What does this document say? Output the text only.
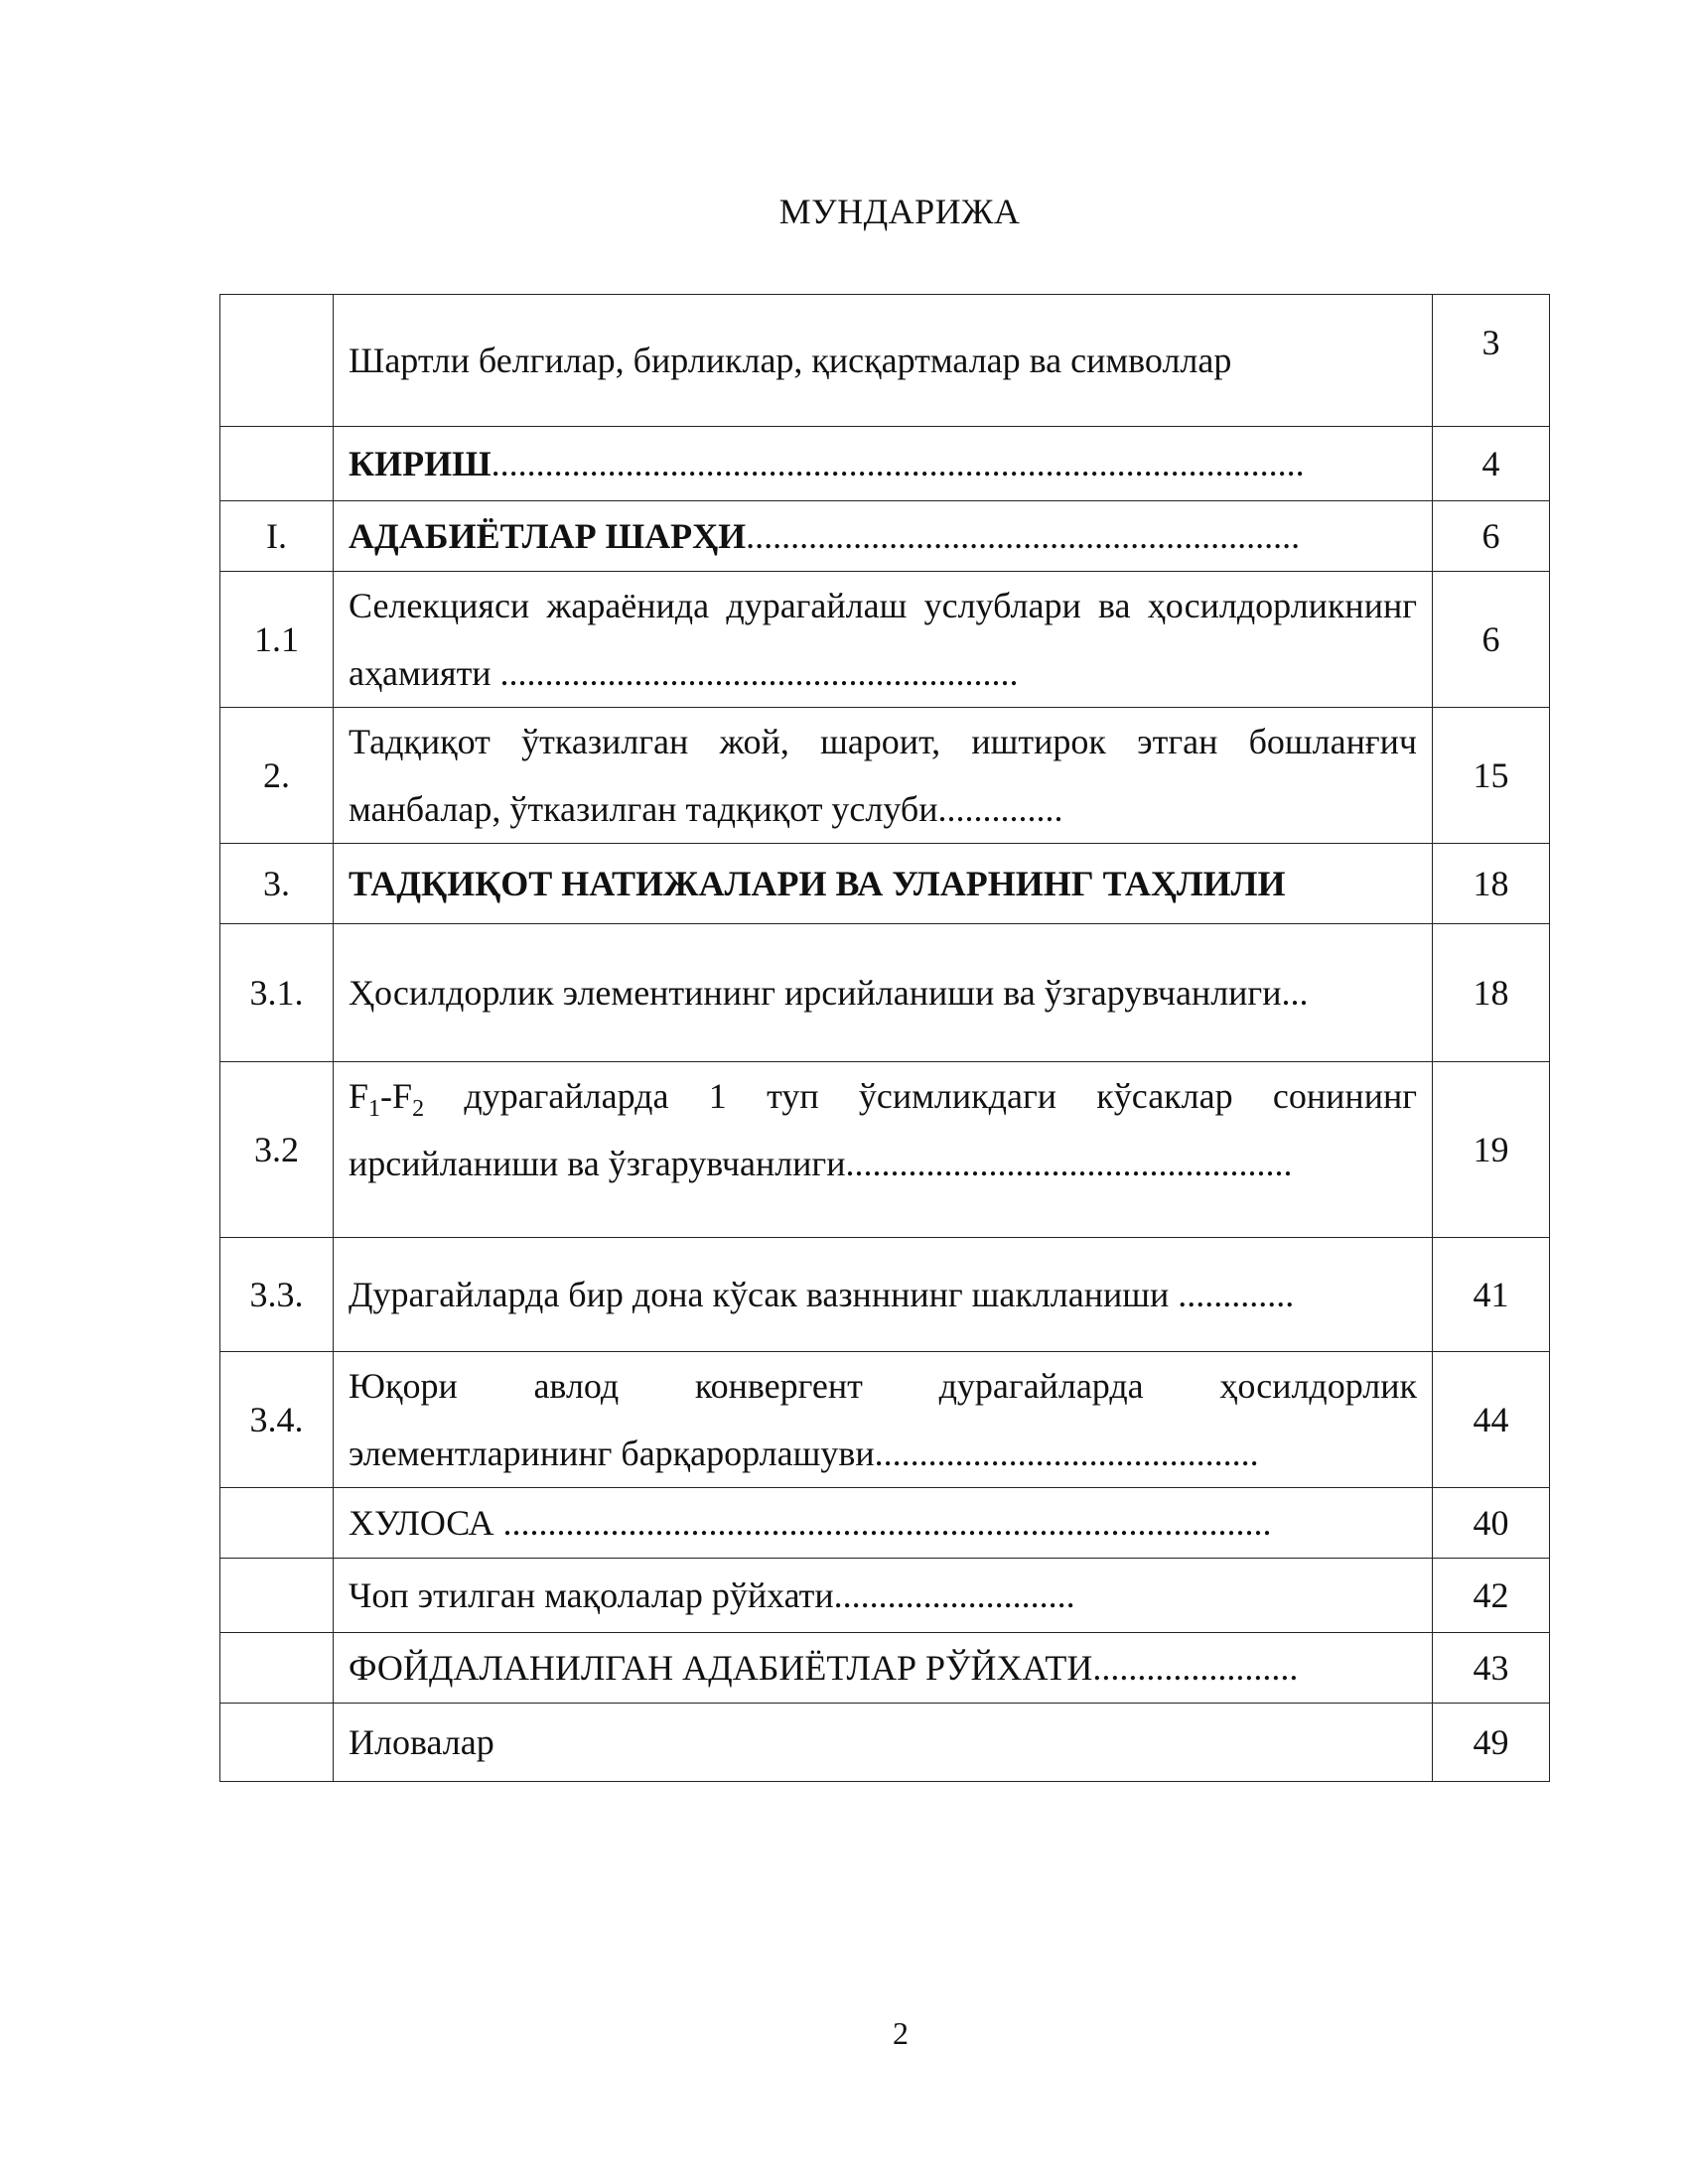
МУНДАРИЖА
	Шартли белгилар, бирликлар, қисқартмалар ва символлар	3
	КИРИШ...........................................................................................	4
I.	АДАБИЁТЛАР ШАРҲИ..............................................................	6
1.1	Селекцияси жараёнида дурагайлаш услублари ва ҳосилдорликнинг аҳамияти ..........................................................	6
2.	Тадқиқот ўтказилган жой, шароит, иштирок этган бошланғич манбалар, ўтказилган тадқиқот услуби..............	15
3.	ТАДҚИҚОТ НАТИЖАЛАРИ ВА УЛАРНИНГ ТАҲЛИЛИ	18
3.1.	Ҳосилдорлик элементининг ирсийланиши ва ўзгарувчанлиги...	18
3.2	$F_1-F_2$ дурагайларда 1 туп ўсимликдаги кўсаклар сонининг ирсийланиши ва ўзгарувчанлиги..................................................	19
3.3.	Дурагайларда бир дона кўсак вазнннинг шаклланиши .............	41
3.4.	Юқори авлод конвергент дурагайларда ҳосилдорлик элементларининг барқарорлашуви...........................................	44
	ХУЛОСА ......................................................................................	40
	Чоп этилган мақолалар рўйхати...........................	42
	ФОЙДАЛАНИЛГАН АДАБИЁТЛАР РЎЙХАТИ.......................	43
	Иловалар	49
2
